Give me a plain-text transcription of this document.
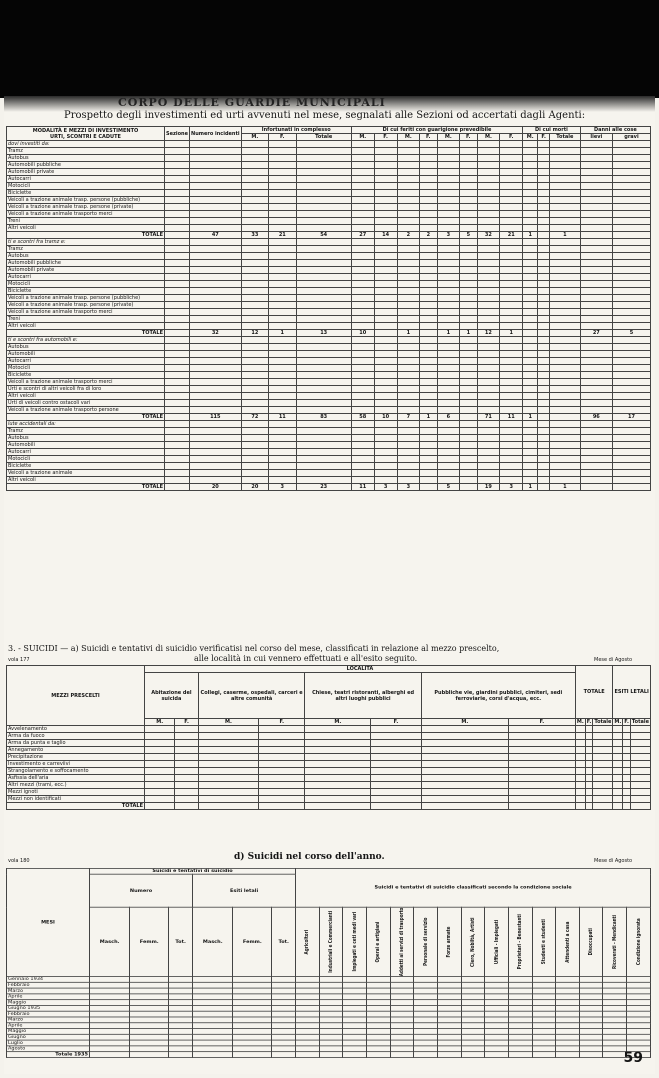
CORPO DELLE GUARDIE MUNICIPALI
Prospetto degli investimenti ed urti avvenuti nel mese, segnalati alle Sezioni od accertati dagli Agenti:
MODALITÀ E MEZZI DI INVESTIMENTO
URTI, SCONTRI E CADUTE	Sezione	Numero incidenti	Infortunati in complesso			Di cui feriti con guarigione prevedibile								Di cui morti			Danni alle cose	
			M.	F.	Totale	M.	F.	M.	F.	M.	F.	M.	F.	M.	F.	Totale	lievi	gravi
dovi investiti da:																		
Tramz																		
Autobus																		
Automobili pubbliche																		
Automobili private																		
Autocarri																		
Motocicli																		
Biciclette																		
Veicoli a trazione animale trasp. persone (pubbliche)																		
Veicoli a trazione animale trasp. persone (private)																		
Veicoli a trazione animale trasporto merci																		
Treni																		
Altri veicoli																		
TOTALE		47	33	21	54	27	14	2	2	3	5	32	21	1		1		
ti e scontri fra tramz e:																		
Tramz																		
Autobus																		
Automobili pubbliche																		
Automobili private																		
Autocarri																		
Motocicli																		
Biciclette																		
Veicoli a trazione animale trasp. persone (pubbliche)																		
Veicoli a trazione animale trasp. persone (private)																		
Veicoli a trazione animale trasporto merci																		
Treni																		
Altri veicoli																		
TOTALE		32	12	1	13	10		1		1	1	12	1				27	5
ti e scontri fra automobili e:																		
Autobus																		
Automobili																		
Autocarri																		
Motocicli																		
Biciclette																		
Veicoli a trazione animale trasporto merci																		
Urti e scontri di altri veicoli fra di loro																		
Altri veicoli																		
Urti di veicoli contro ostacoli vari																		
Veicoli a trazione animale trasporto persone																		
TOTALE		115	72	11	83	58	10	7	1	6		71	11	1			96	17
lute accidentali da:																		
Tramz																		
Autobus																		
Automobili																		
Autocarri																		
Motocicli																		
Biciclette																		
Veicoli a trazione animale																		
Altri veicoli																		
TOTALE		20	20	3	23	11	3	3		5		19	3	1		1		
3. - SUICIDI — a) Suicidi e tentativi di suicidio verificatisi nel corso del mese, classificati in relazione al mezzo prescelto,
alle località in cui vennero effettuati e all'esito seguito.
vola 177	Mese di Agosto
MEZZI PRESCELTI	LOCALITÀ								TOTALE			ESITI LETALI		
	Abitazione del suicida		Collegi, caserme, ospedali, carceri e altre comunità		Chiese, teatri ristoranti, alberghi ed altri luoghi pubblici		Pubbliche vie, giardini pubblici, cimiteri, sedi ferroviarie, corsi d'acqua, ecc.							
	M.	F.	M.	F.	M.	F.	M.	F.	M.	F.	Totale	M.	F.	Totale
Avvelenamento														
Arma da fuoco														
Arma da punta e taglio														
Annegamento														
Precipitazione														
Investimento e carreviivi														
Strangolamento e soffocamento														
Asfissia dell'aria														
Altri mezzi (trami, ecc.)														
Mezzi ignoti														
Mezzi non identificati														
TOTALE														
vola 180	d) Suicidi nel corso dell'anno.	Mese di Agosto
MESI	Suicidi e tentativi di suicidio						Suicidi e tentativi di suicidio classificati secondo la condizione sociale														
	Numero			Esiti letali																	
	Masch.	Femm.	Tot.	Masch.	Femm.	Tot.	Agricoltori	Industriali e Commercianti	Impiegati e ceti medi vari	Operai e artigiani	Addetti ai servizi di trasporto	Personale di servizio	Forze armate	Clero, Nobiltà, Artisti	Ufficiali - Impiegati	Proprietari - Benestanti	Studenti e studenti	Attendenti a casa	Disoccupati	Ricoverati - Mendicanti	Condizione ignorata

Gennaio 1934																					
Febbraio																					
Marzo																					
Aprile																					
Maggio																					
Giugno 1935																					
Febbraio																					
Marzo																					
Aprile																					
Maggio																					
Giugno																					
Luglio																					
Agosto																					
Totale 1935																						59
